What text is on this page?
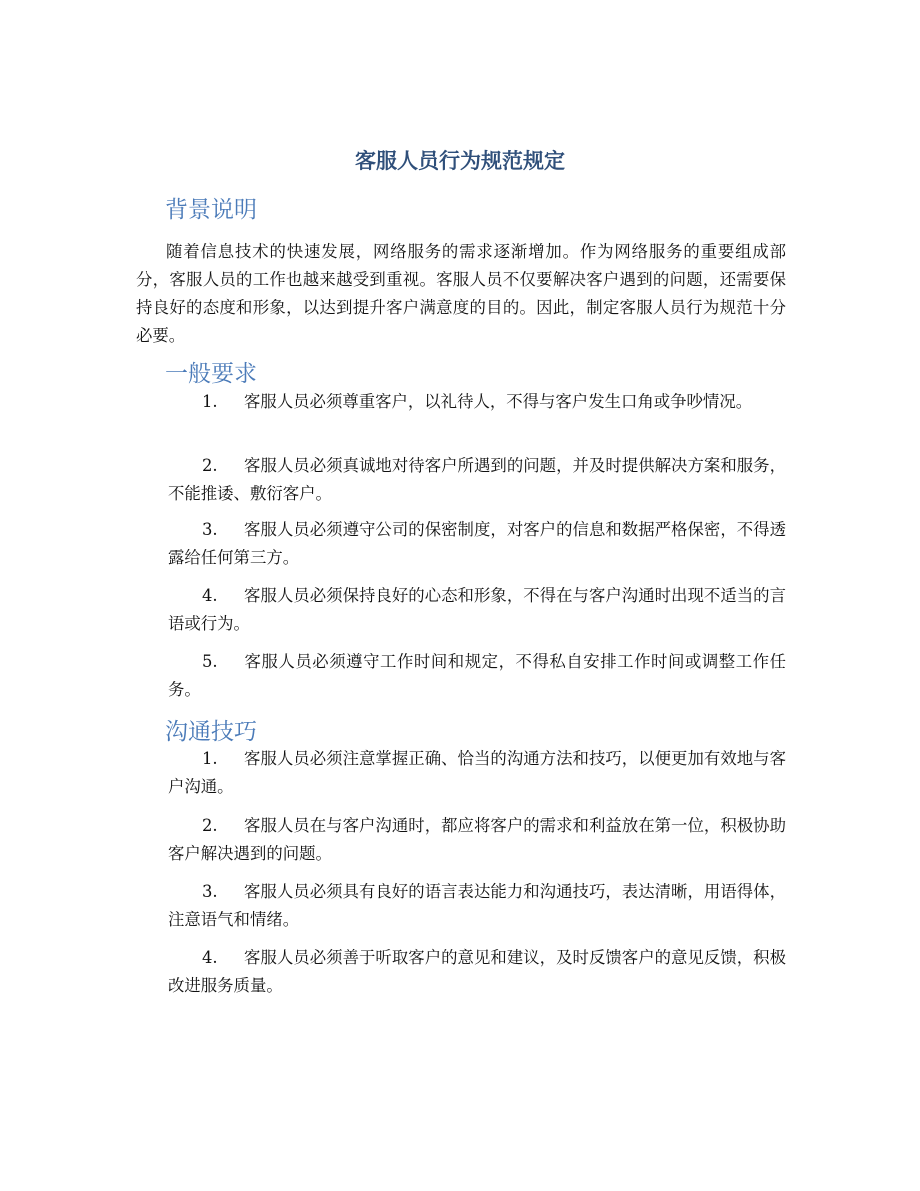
客服人员行为规范规定
背景说明

随着信息技术的快速发展，网络服务的需求逐渐增加。作为网络服务的重要组成部分，客服人员的工作也越来越受到重视。客服人员不仅要解决客户遇到的问题，还需要保持良好的态度和形象，以达到提升客户满意度的目的。因此，制定客服人员行为规范十分必要。

一般要求

1. 客服人员必须尊重客户，以礼待人，不得与客户发生口角或争吵情况。

2. 客服人员必须真诚地对待客户所遇到的问题，并及时提供解决方案和服务，不能推诿、敷衍客户。

3. 客服人员必须遵守公司的保密制度，对客户的信息和数据严格保密，不得透露给任何第三方。

4. 客服人员必须保持良好的心态和形象，不得在与客户沟通时出现不适当的言语或行为。

5. 客服人员必须遵守工作时间和规定，不得私自安排工作时间或调整工作任务。

沟通技巧

1. 客服人员必须注意掌握正确、恰当的沟通方法和技巧，以便更加有效地与客户沟通。

2. 客服人员在与客户沟通时，都应将客户的需求和利益放在第一位，积极协助客户解决遇到的问题。

3. 客服人员必须具有良好的语言表达能力和沟通技巧，表达清晰，用语得体，注意语气和情绪。

4. 客服人员必须善于听取客户的意见和建议，及时反馈客户的意见反馈，积极改进服务质量。
